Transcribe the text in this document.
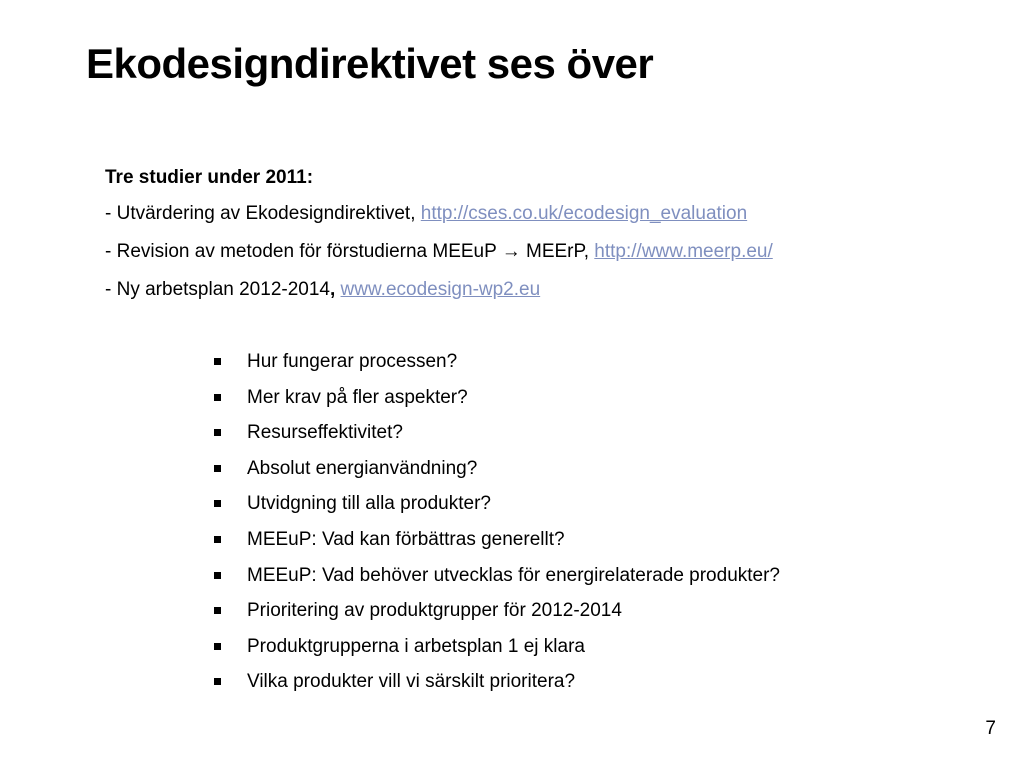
Ekodesigndirektivet ses över
Tre studier under 2011:
- Utvärdering av Ekodesigndirektivet, http://cses.co.uk/ecodesign_evaluation
- Revision av metoden för förstudierna MEEuP → MEErP, http://www.meerp.eu/
- Ny arbetsplan 2012-2014, www.ecodesign-wp2.eu
Hur fungerar processen?
Mer krav på fler aspekter?
Resurseffektivitet?
Absolut energianvändning?
Utvidgning till alla produkter?
MEEuP: Vad kan förbättras generellt?
MEEuP: Vad behöver utvecklas för energirelaterade produkter?
Prioritering av produktgrupper för 2012-2014
Produktgrupperna i arbetsplan 1 ej klara
Vilka produkter vill vi särskilt prioritera?
7
